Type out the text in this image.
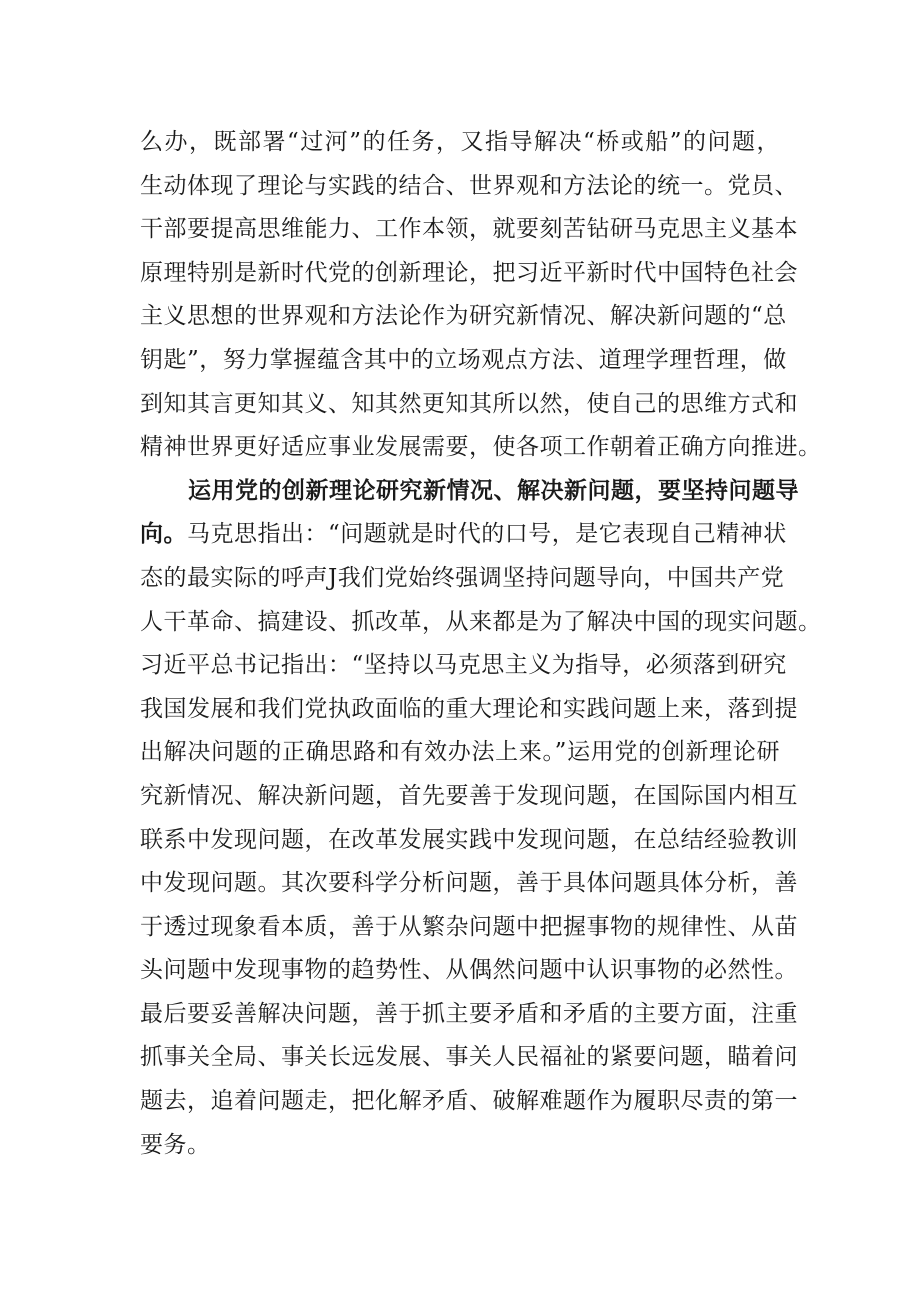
么办，既部署“过河”的任务，又指导解决“桥或船”的问题，
生动体现了理论与实践的结合、世界观和方法论的统一。党员、
干部要提高思维能力、工作本领，就要刻苦钻研马克思主义基本
原理特别是新时代党的创新理论，把习近平新时代中国特色社会
主义思想的世界观和方法论作为研究新情况、解决新问题的“总
钥匙”，努力掌握蕴含其中的立场观点方法、道理学理哲理，做
到知其言更知其义、知其然更知其所以然，使自己的思维方式和
精神世界更好适应事业发展需要，使各项工作朝着正确方向推进。
运用党的创新理论研究新情况、解决新问题，要坚持问题导
向。马克思指出：“问题就是时代的口号，是它表现自己精神状
态的最实际的呼声J我们党始终强调坚持问题导向，中国共产党
人干革命、搞建设、抓改革，从来都是为了解决中国的现实问题。
习近平总书记指出：“坚持以马克思主义为指导，必须落到研究
我国发展和我们党执政面临的重大理论和实践问题上来，落到提
出解决问题的正确思路和有效办法上来。”运用党的创新理论研
究新情况、解决新问题，首先要善于发现问题，在国际国内相互
联系中发现问题，在改革发展实践中发现问题，在总结经验教训
中发现问题。其次要科学分析问题，善于具体问题具体分析，善
于透过现象看本质，善于从繁杂问题中把握事物的规律性、从苗
头问题中发现事物的趋势性、从偶然问题中认识事物的必然性。
最后要妥善解决问题，善于抓主要矛盾和矛盾的主要方面，注重
抓事关全局、事关长远发展、事关人民福祉的紧要问题，瞄着问
题去，追着问题走，把化解矛盾、破解难题作为履职尽责的第一
要务。
